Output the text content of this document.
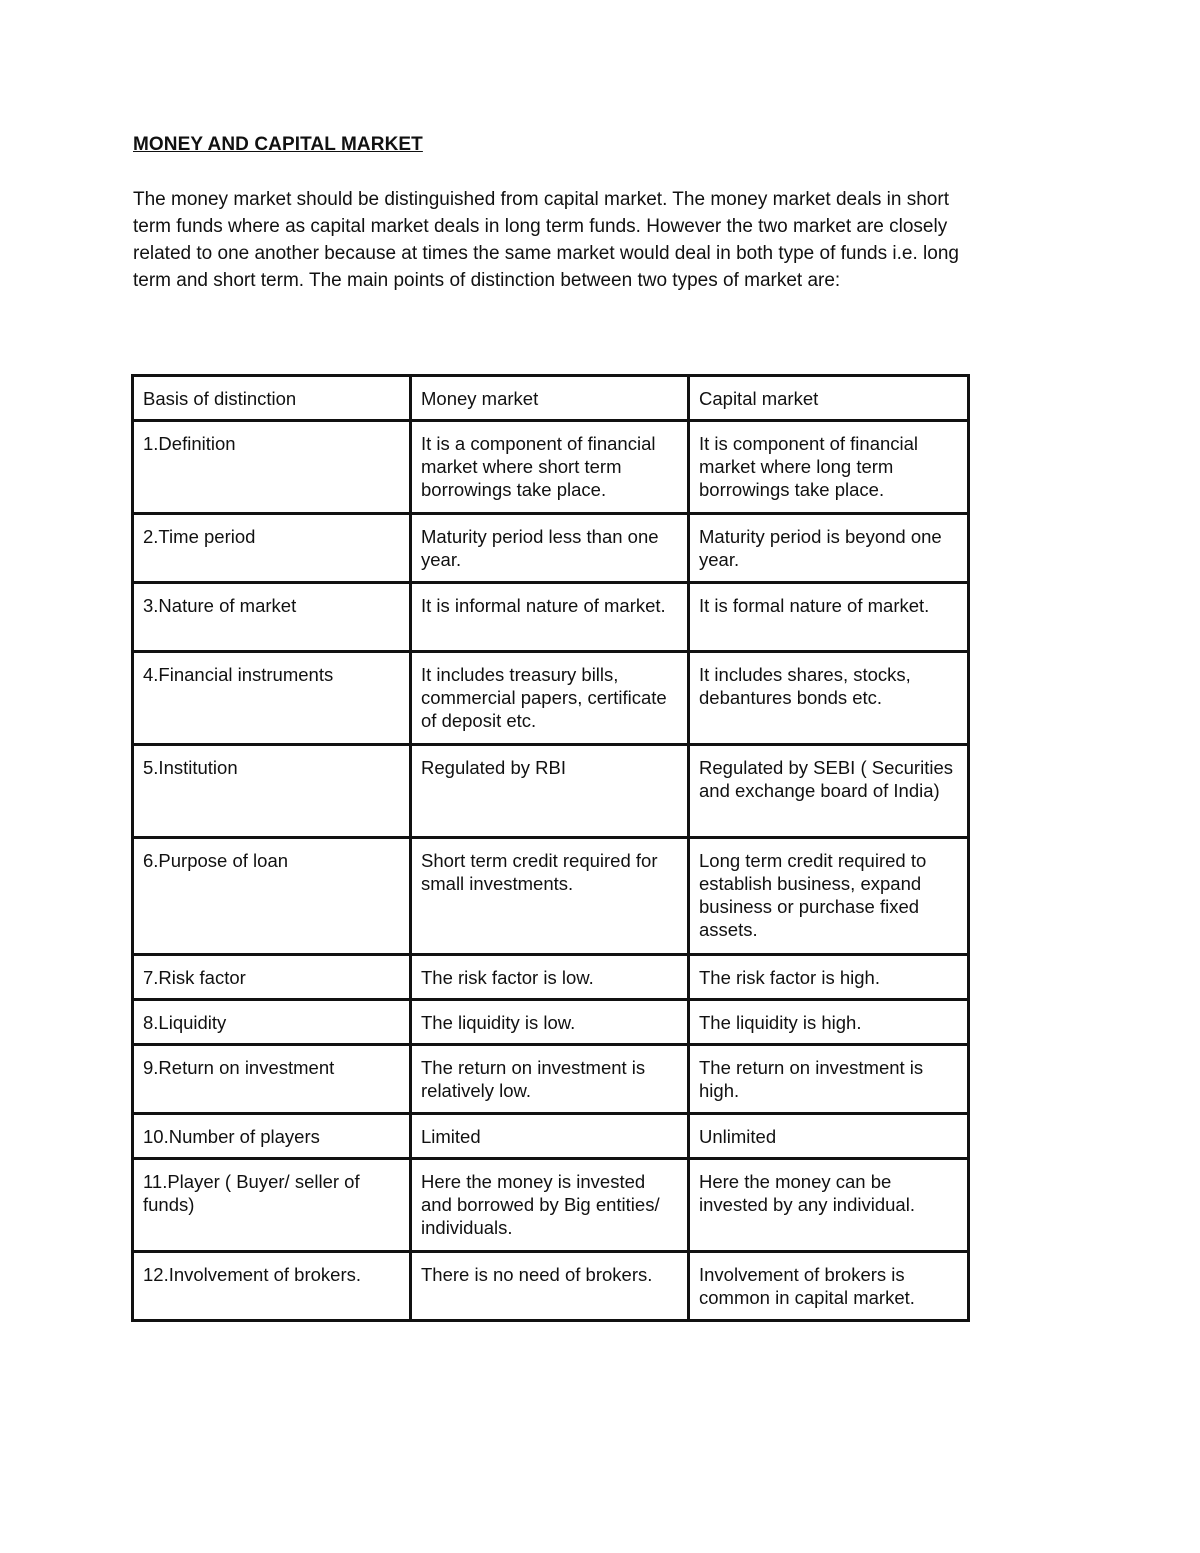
MONEY AND CAPITAL MARKET

The money market should be distinguished from capital market. The money market deals in short term funds where as capital market deals in long term funds. However the two market are closely related to one another because at times the same market would deal in both type of funds i.e. long term and short term. The main points of distinction between two types of market are:

Basis of distinction	Money market	Capital market
1.Definition	It is a component of financial market where short term borrowings take place.	It is component of financial market where long term borrowings take place.
2.Time period	Maturity period less than one year.	Maturity period is beyond one year.
3.Nature of market	It is informal nature of market.	It is formal nature of market.
4.Financial instruments	It includes treasury bills, commercial papers, certificate of deposit etc.	It includes shares, stocks, debantures bonds etc.
5.Institution	Regulated by RBI	Regulated by SEBI ( Securities and exchange board of India)
6.Purpose of loan	Short term credit required for small investments.	Long term credit required to establish business, expand business or purchase fixed assets.
7.Risk factor	The risk factor is low.	The risk factor is high.
8.Liquidity	The liquidity is low.	The liquidity is high.
9.Return on investment	The return on investment is relatively low.	The return on investment is high.
10.Number of players	Limited	Unlimited
11.Player ( Buyer/ seller of funds)	Here the money is invested and borrowed by Big entities/ individuals.	Here the money can be invested by any individual.
12.Involvement of brokers.	There is no need of brokers.	Involvement of brokers is common in capital market.
